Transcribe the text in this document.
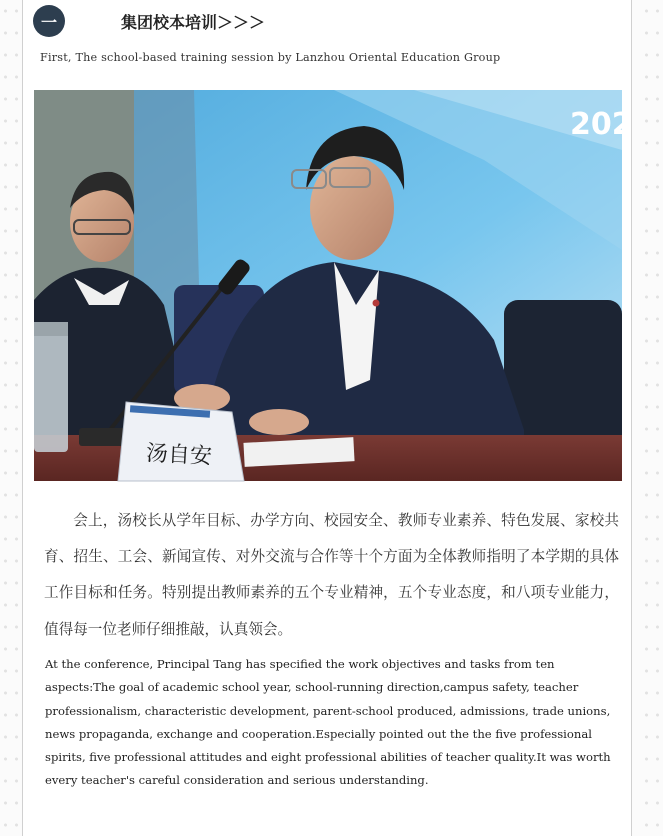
一	集团校本培训＞＞＞
First, The school-based training session by Lanzhou Oriental Education Group
202
汤自安

会上，汤校长从学年目标、办学方向、校园安全、教师专业素养、特色发展、家校共育、招生、工会、新闻宣传、对外交流与合作等十个方面为全体教师指明了本学期的具体工作目标和任务。特别提出教师素养的五个专业精神，五个专业态度，和八项专业能力，值得每一位老师仔细推敲，认真领会。

At the conference, Principal Tang has specified the work objectives and tasks from ten aspects:The goal of academic school year, school-running direction,campus safety, teacher professionalism, characteristic development, parent-school produced, admissions, trade unions, news propaganda, exchange and cooperation.Especially pointed out the the five professional spirits, five professional attitudes and eight professional abilities of teacher quality.It was worth every teacher's careful consideration and serious understanding.
